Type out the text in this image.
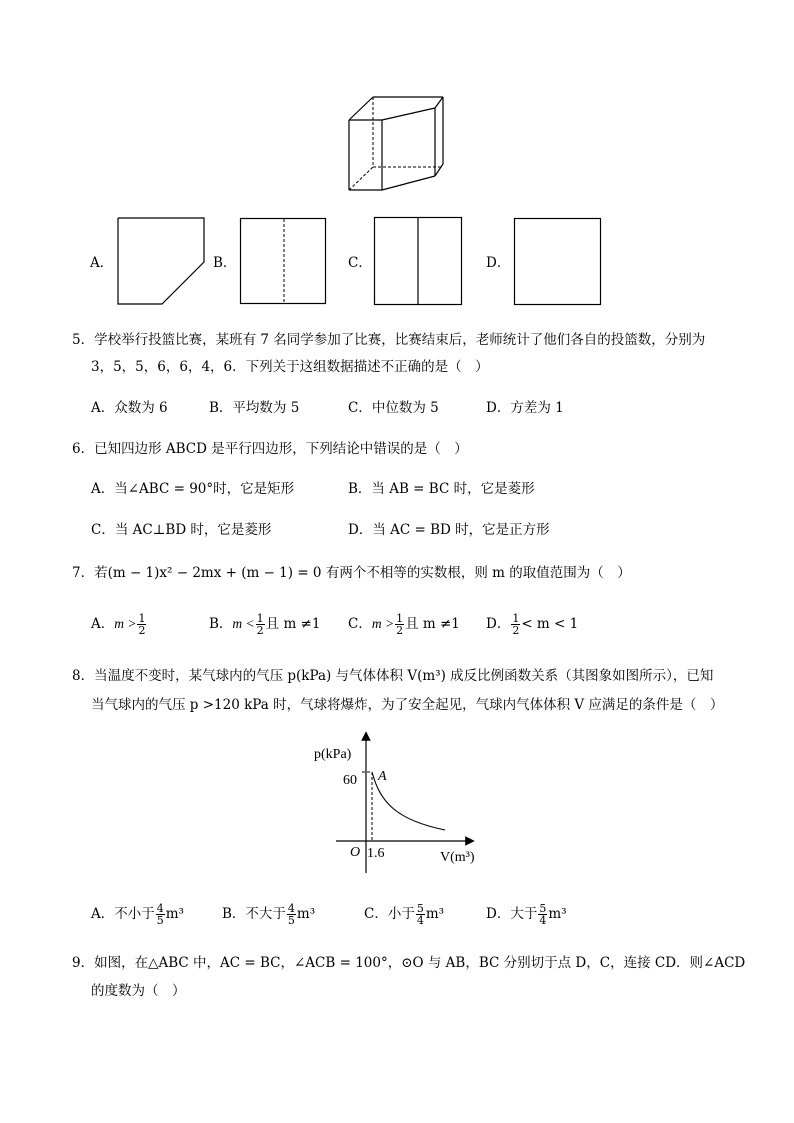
A．	B．	C．	D．
5．学校举行投篮比赛，某班有 7 名同学参加了比赛，比赛结束后，老师统计了他们各自的投篮数，分别为
3，5，5，6，6，4，6．下列关于这组数据描述不正确的是（　）
A．众数为 6	B．平均数为 5	C．中位数为 5	D．方差为 1
6．已知四边形 ABCD 是平行四边形，下列结论中错误的是（　）
A．当∠ABC = 90°时，它是矩形	B．当 AB = BC 时，它是菱形
C．当 AC⊥BD 时，它是菱形	D．当 AC = BD 时，它是正方形
7．若(m − 1)x² − 2mx + (m − 1) = 0 有两个不相等的实数根，则 m 的取值范围为（　）
A．$m > \frac{1}{2}$	B．$m < \frac{1}{2}$ 且 m ≠1 C．$m > \frac{1}{2}$ 且 m ≠1 D． $\frac{1}{2} < m < 1$
8．当温度不变时，某气球内的气压 p(kPa) 与气体体积 V(m³) 成反比例函数关系（其图象如图所示），已知
当气球内的气压 p >120 kPa 时，气球将爆炸，为了安全起见，气球内气体体积 V 应满足的条件是（　）
p(kPa)
60 A
O 1.6	V(m³)
A．不小于 $\frac{4}{5} m^3$	B．不大于 $\frac{4}{5} m^3$	C．小于 $\frac{5}{4} m^3$	D．大于 $\frac{5}{4} m^3$
9．如图，在△ABC 中，AC = BC，∠ACB = 100°，⊙O 与 AB，BC 分别切于点 D，C，连接 CD．则∠ACD
的度数为（　）
